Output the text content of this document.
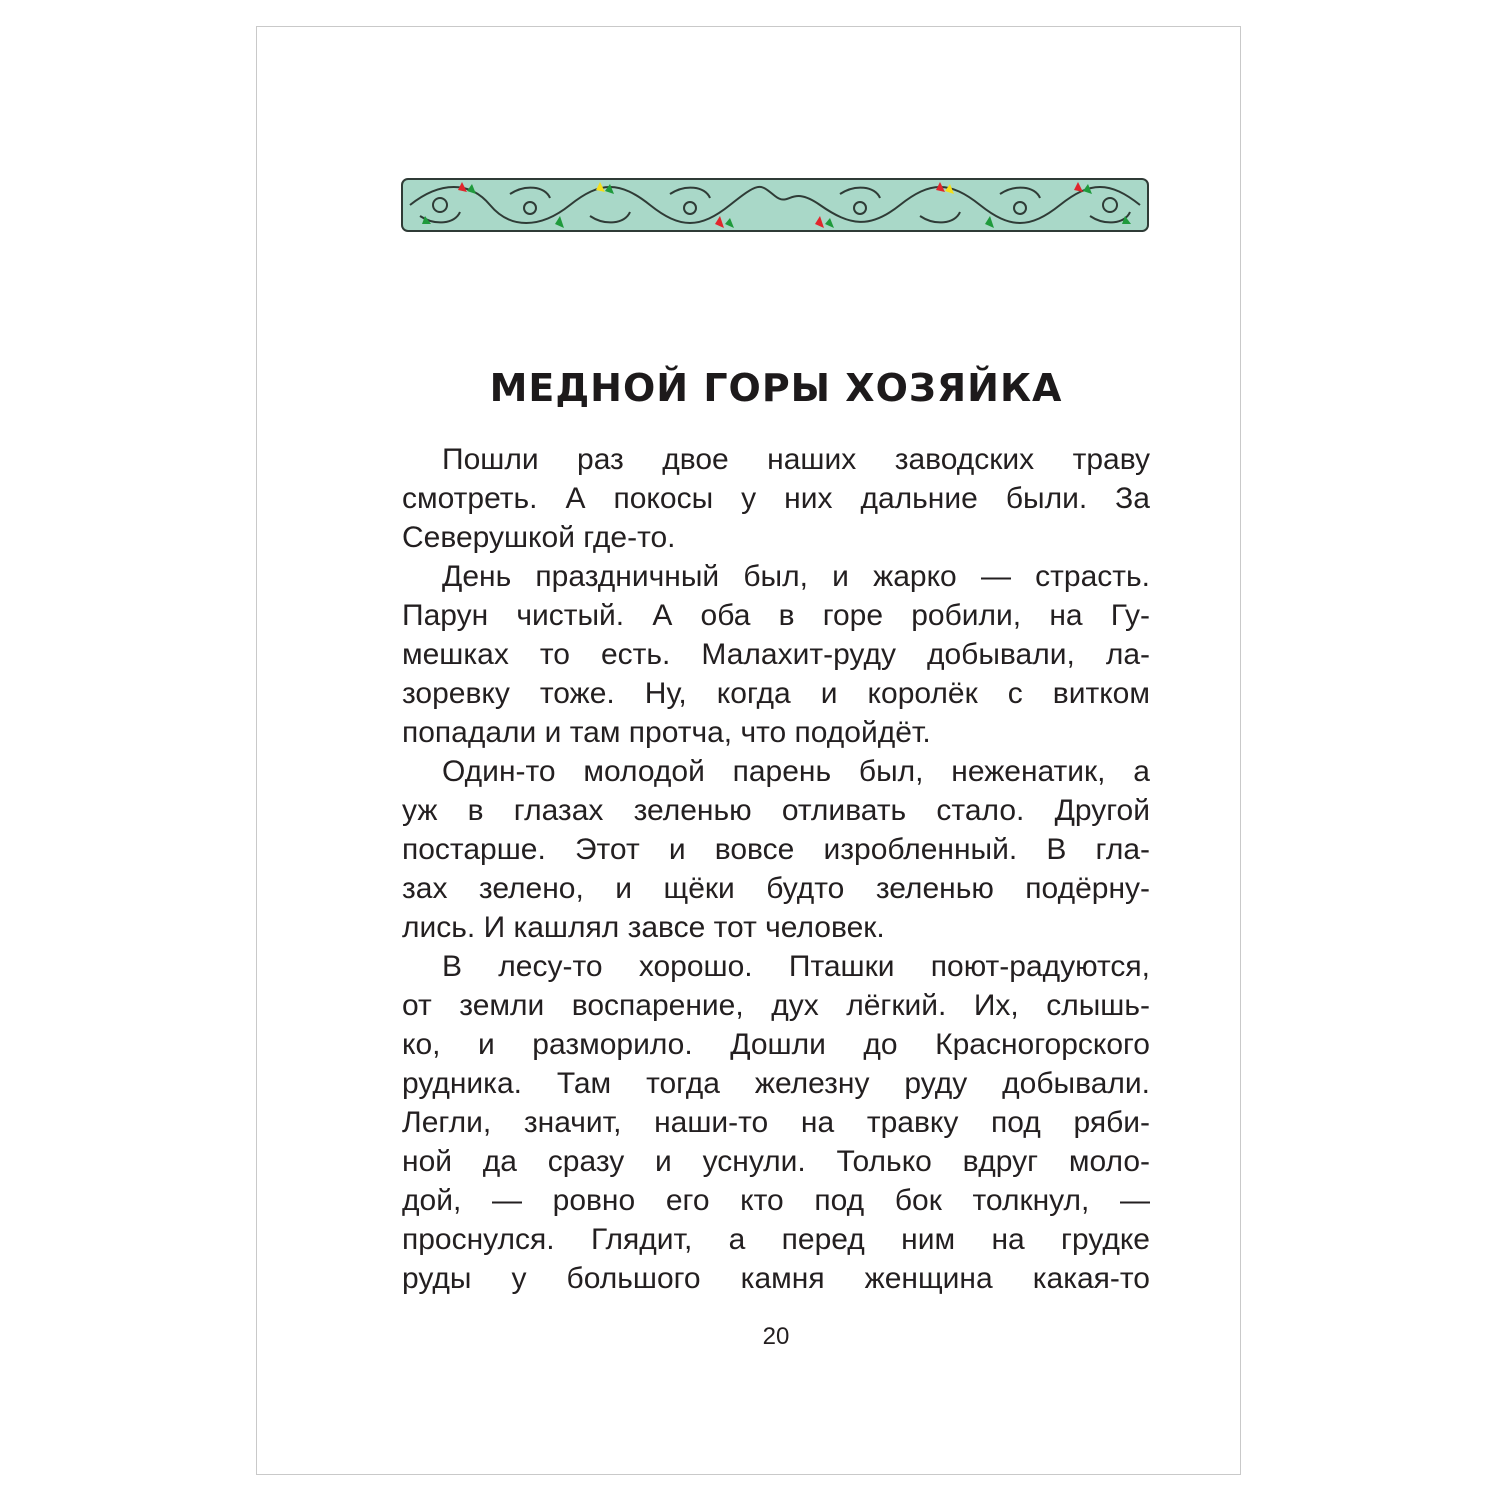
МЕДНОЙ ГОРЫ ХОЗЯЙКА
Пошли раз двое наших заводских траву
смотреть. А покосы у них дальние были. За
Северушкой где-то.
День праздничный был, и жарко — страсть.
Парун чистый. А оба в горе робили, на Гу-
мешках то есть. Малахит-руду добывали, ла-
зоревку тоже. Ну, когда и королёк с витком
попадали и там протча, что подойдёт.
Один-то молодой парень был, неженатик, а
уж в глазах зеленью отливать стало. Другой
постарше. Этот и вовсе изробленный. В гла-
зах зелено, и щёки будто зеленью подёрну-
лись. И кашлял завсе тот человек.
В лесу-то хорошо. Пташки поют-радуются,
от земли воспарение, дух лёгкий. Их, слышь-
ко, и разморило. Дошли до Красногорского
рудника. Там тогда железну руду добывали.
Легли, значит, наши-то на травку под ряби-
ной да сразу и уснули. Только вдруг моло-
дой, — ровно его кто под бок толкнул, —
проснулся. Глядит, а перед ним на грудке
руды у большого камня женщина какая-то
20
